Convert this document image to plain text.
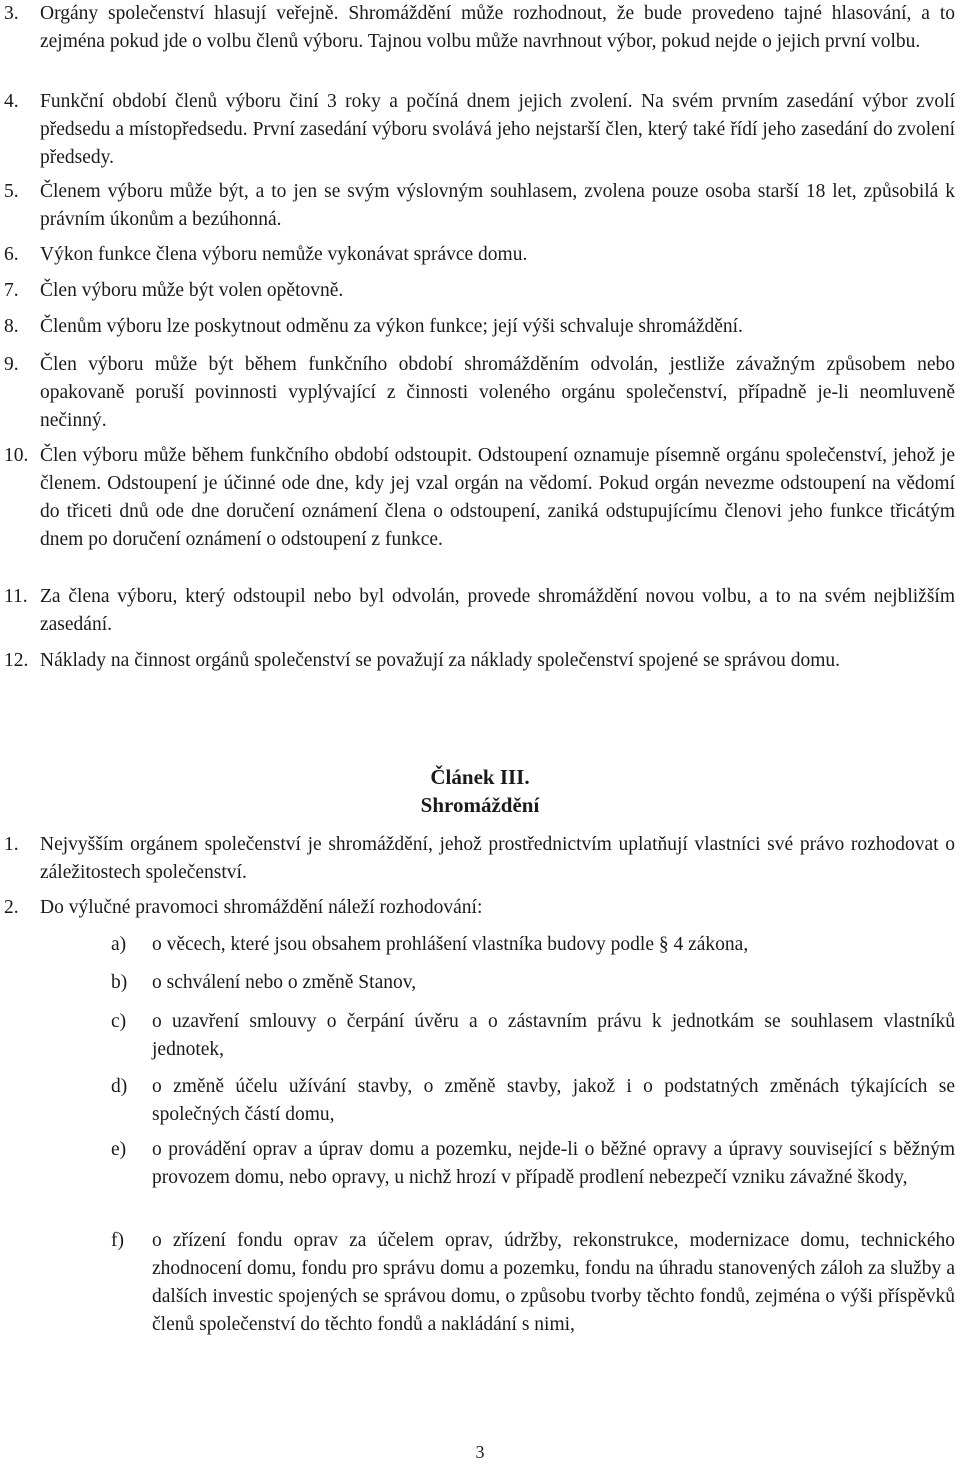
3. Orgány společenství hlasují veřejně. Shromáždění může rozhodnout, že bude provedeno tajné hlasování, a to zejména pokud jde o volbu členů výboru. Tajnou volbu může navrhnout výbor, pokud nejde o jejich první volbu.
4. Funkční období členů výboru činí 3 roky a počíná dnem jejich zvolení. Na svém prvním zasedání výbor zvolí předsedu a místopředsedu. První zasedání výboru svolává jeho nejstarší člen, který také řídí jeho zasedání do zvolení předsedy.
5. Členem výboru může být, a to jen se svým výslovným souhlasem, zvolena pouze osoba starší 18 let, způsobilá k právním úkonům a bezúhonná.
6. Výkon funkce člena výboru nemůže vykonávat správce domu.
7. Člen výboru může být volen opětovně.
8. Členům výboru lze poskytnout odměnu za výkon funkce; její výši schvaluje shromáždění.
9. Člen výboru může být během funkčního období shromážděním odvolán, jestliže závažným způsobem nebo opakovaně poruší povinnosti vyplývající z činnosti voleného orgánu společenství, případně je-li neomluveně nečinný.
10. Člen výboru může během funkčního období odstoupit. Odstoupení oznamuje písemně orgánu společenství, jehož je členem. Odstoupení je účinné ode dne, kdy jej vzal orgán na vědomí. Pokud orgán nevezme odstoupení na vědomí do třiceti dnů ode dne doručení oznámení člena o odstoupení, zaniká odstupujícímu členovi jeho funkce třicátým dnem po doručení oznámení o odstoupení z funkce.
11. Za člena výboru, který odstoupil nebo byl odvolán, provede shromáždění novou volbu, a to na svém nejbližším zasedání.
12. Náklady na činnost orgánů společenství se považují za náklady společenství spojené se správou domu.
Článek III.
Shromáždění
1. Nejvyšším orgánem společenství je shromáždění, jehož prostřednictvím uplatňují vlastníci své právo rozhodovat o záležitostech společenství.
2. Do výlučné pravomoci shromáždění náleží rozhodování:
a) o věcech, které jsou obsahem prohlášení vlastníka budovy podle § 4 zákona,
b) o schválení nebo o změně Stanov,
c) o uzavření smlouvy o čerpání úvěru a o zástavním právu k jednotkám se souhlasem vlastníků jednotek,
d) o změně účelu užívání stavby, o změně stavby, jakož i o podstatných změnách týkajících se společných částí domu,
e) o provádění oprav a úprav domu a pozemku, nejde-li o běžné opravy a úpravy související s běžným provozem domu, nebo opravy, u nichž hrozí v případě prodlení nebezpečí vzniku závažné škody,
f) o zřízení fondu oprav za účelem oprav, údržby, rekonstrukce, modernizace domu, technického zhodnocení domu, fondu pro správu domu a pozemku, fondu na úhradu stanovených záloh za služby a dalších investic spojených se správou domu, o způsobu tvorby těchto fondů, zejména o výši příspěvků členů společenství do těchto fondů a nakládání s nimi,
3
